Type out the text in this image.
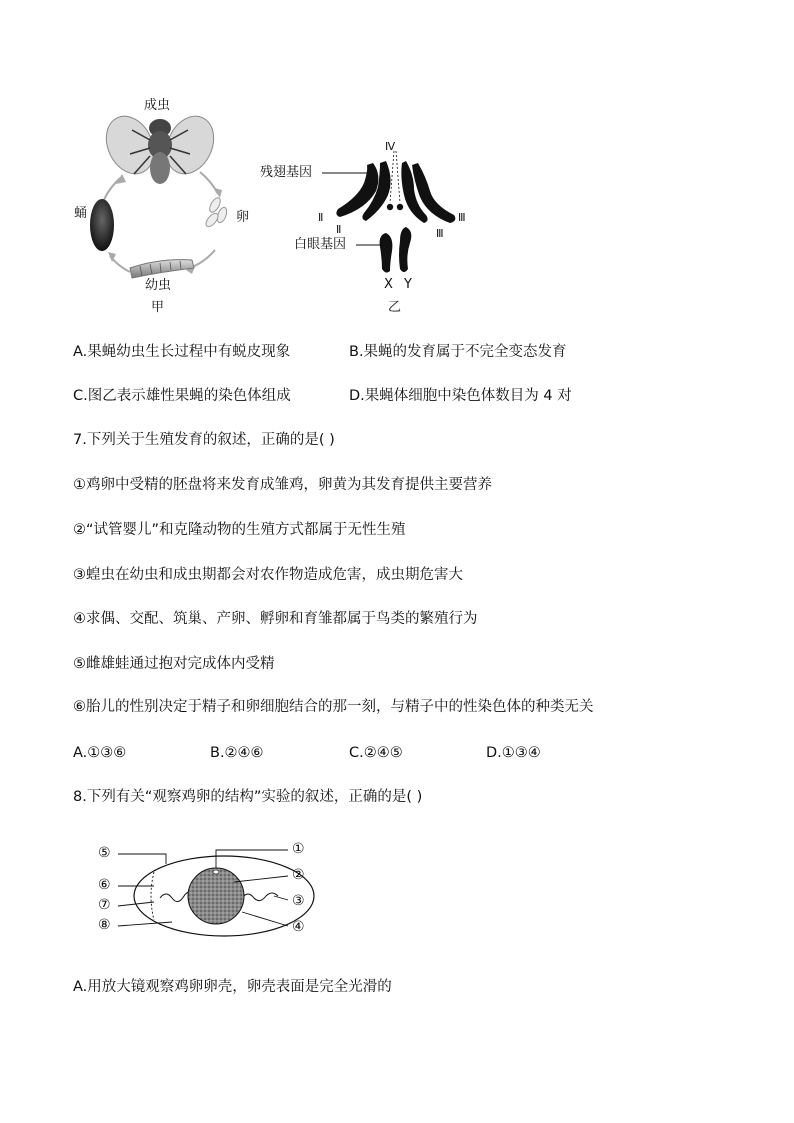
成虫
卵
蛹
幼虫
甲
Ⅳ
残翅基因
Ⅱ
Ⅱ
Ⅲ
Ⅲ
白眼基因
X Y
乙
A.果蝇幼虫生长过程中有蜕皮现象	B.果蝇的发育属于不完全变态发育
C.图乙表示雄性果蝇的染色体组成	D.果蝇体细胞中染色体数目为 4 对
7.下列关于生殖发育的叙述，正确的是( )
①鸡卵中受精的胚盘将来发育成雏鸡，卵黄为其发育提供主要营养
②“试管婴儿”和克隆动物的生殖方式都属于无性生殖
③蝗虫在幼虫和成虫期都会对农作物造成危害，成虫期危害大
④求偶、交配、筑巢、产卵、孵卵和育雏都属于鸟类的繁殖行为
⑤雌雄蛙通过抱对完成体内受精
⑥胎儿的性别决定于精子和卵细胞结合的那一刻，与精子中的性染色体的种类无关
A.①③⑥	B.②④⑥	C.②④⑤	D.①③④
8.下列有关“观察鸡卵的结构”实验的叙述，正确的是( )
⑤
⑥
⑦
⑧
①
②
③
④
A.用放大镜观察鸡卵卵壳，卵壳表面是完全光滑的
